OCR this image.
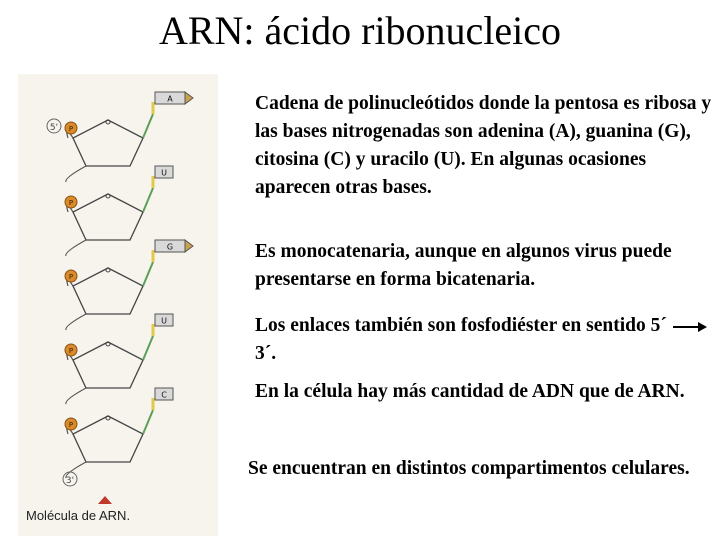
ARN: ácido ribonucleico
5' P
A
P
U
P
G
P
U
P
C
3'
Molécula de ARN.

Cadena de polinucleótidos donde la pentosa es ribosa y las bases nitrogenadas son adenina (A), guanina (G), citosina (C) y uracilo (U). En algunas ocasiones aparecen otras bases.

Es monocatenaria, aunque en algunos virus puede presentarse en forma bicatenaria.

Los enlaces también son fosfodiéster en sentido 5´  3´.

En la célula hay más cantidad de ADN que de ARN.

Se encuentran en distintos compartimentos celulares.
